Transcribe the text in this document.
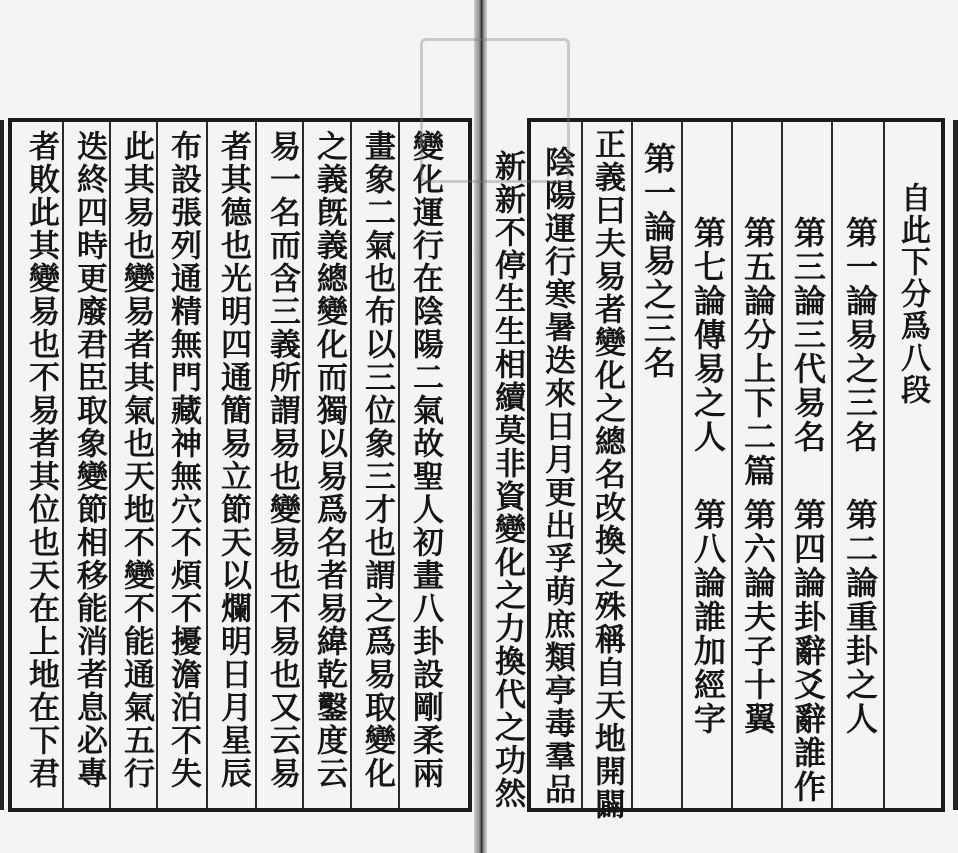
變化運行在陰陽二氣故聖人初畫八卦設剛柔兩
畫象二氣也布以三位象三才也謂之爲易取變化
之義旣義總變化而獨以易爲名者易緯乾鑿度云
易一名而含三義所謂易也變易也不易也又云易
者其德也光明四通簡易立節天以爛明日月星辰
布設張列通精無門藏神無穴不煩不擾澹泊不失
此其易也變易者其氣也天地不變不能通氣五行
迭終四時更廢君臣取象變節相移能消者息必專
者敗此其變易也不易者其位也天在上地在下君	自此下分爲八段
第一論易之三名
第二論重卦之人
第三論三代易名
第四論卦辭爻辭誰作
第五論分上下二篇
第六論夫子十翼
第七論傳易之人
第八論誰加經字
第一論易之三名
正義曰夫易者變化之總名改換之殊稱自天地開闢
陰陽運行寒暑迭來日月更出孚萌庶類亭毒羣品
新新不停生生相續莫非資變化之力換代之功然
